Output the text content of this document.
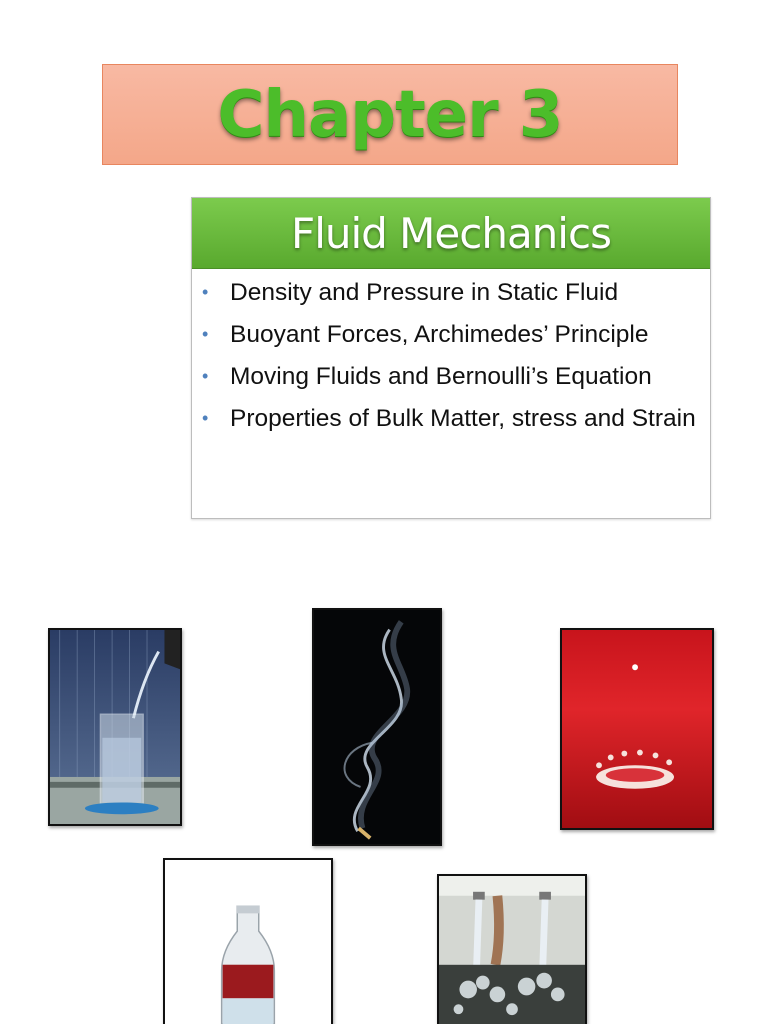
Chapter 3
Fluid Mechanics
• Density and Pressure in Static Fluid
• Buoyant Forces, Archimedes’ Principle
• Moving Fluids and Bernoulli’s Equation
• Properties of Bulk Matter, stress and Strain
